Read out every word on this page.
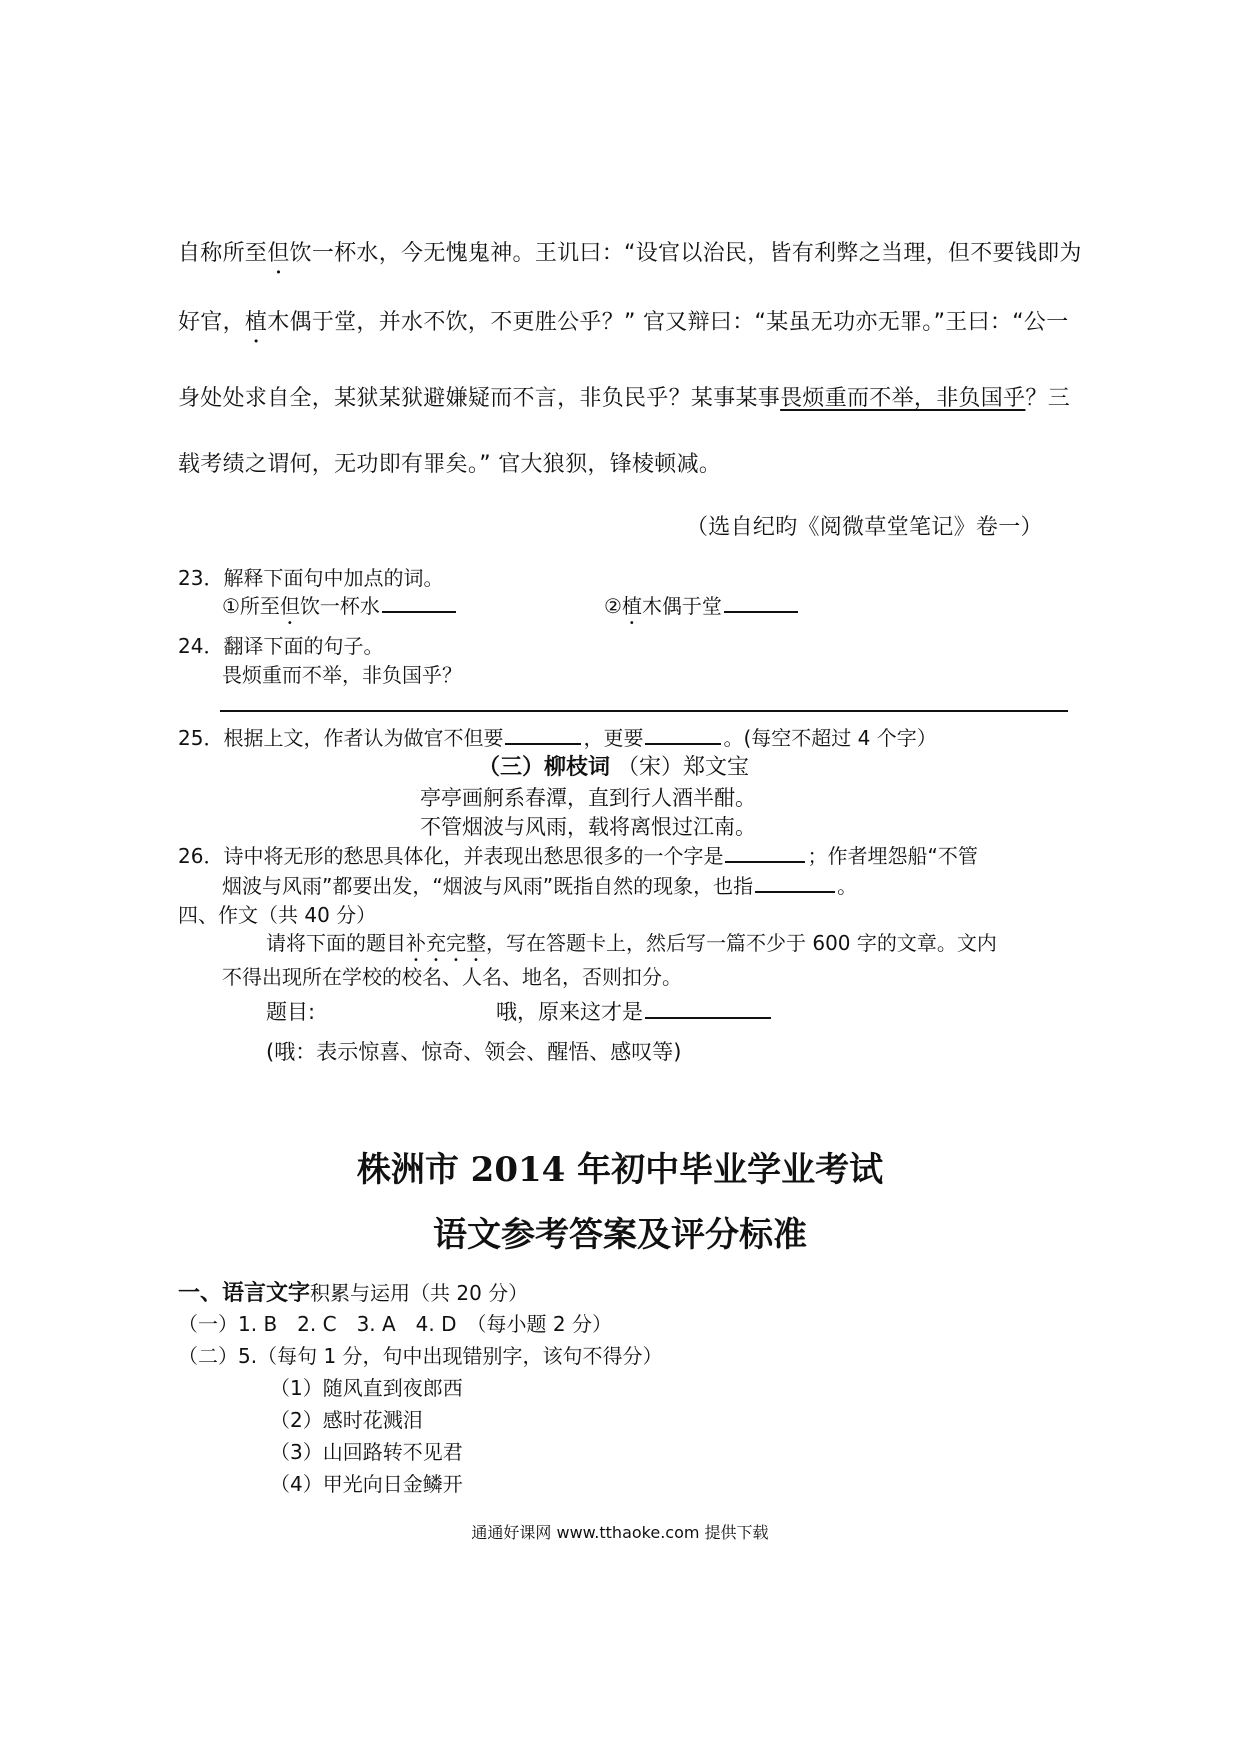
自称所至但饮一杯水，今无愧鬼神。王讥曰：“设官以治民，皆有利弊之当理，但不要钱即为
好官，植木偶于堂，并水不饮，不更胜公乎？” 官又辩曰：“某虽无功亦无罪。”王曰：“公一
身处处求自全，某狱某狱避嫌疑而不言，非负民乎？某事某事畏烦重而不举，非负国乎？三
载考绩之谓何，无功即有罪矣。” 官大狼狈，锋棱顿减。
（选自纪昀《阅微草堂笔记》卷一）
23．解释下面句中加点的词。
①所至但饮一杯水	②植木偶于堂
24．翻译下面的句子。
畏烦重而不举，非负国乎？
25．根据上文，作者认为做官不但要	，更要	。(每空不超过 4 个字）
（三）柳枝词 （宋）郑文宝
亭亭画舸系春潭，直到行人酒半酣。
不管烟波与风雨，载将离恨过江南。
26．诗中将无形的愁思具体化，并表现出愁思很多的一个字是	；作者埋怨船“不管
烟波与风雨”都要出发，“烟波与风雨”既指自然的现象，也指	。
四、作文（共 40 分）
请将下面的题目补充完整，写在答题卡上，然后写一篇不少于 600 字的文章。文内
不得出现所在学校的校名、人名、地名，否则扣分。
题目:	哦，原来这才是
(哦：表示惊喜、惊奇、领会、醒悟、感叹等)
株洲市 2014 年初中毕业学业考试
语文参考答案及评分标准
一、语言文字积累与运用（共 20 分）
（一）1. B　2. C　3. A　4. D　（每小题 2 分）
（二）5.（每句 1 分，句中出现错别字，该句不得分）
（1）随风直到夜郎西
（2）感时花溅泪
（3）山回路转不见君
（4）甲光向日金鳞开
通通好课网 www.tthaoke.com 提供下载
